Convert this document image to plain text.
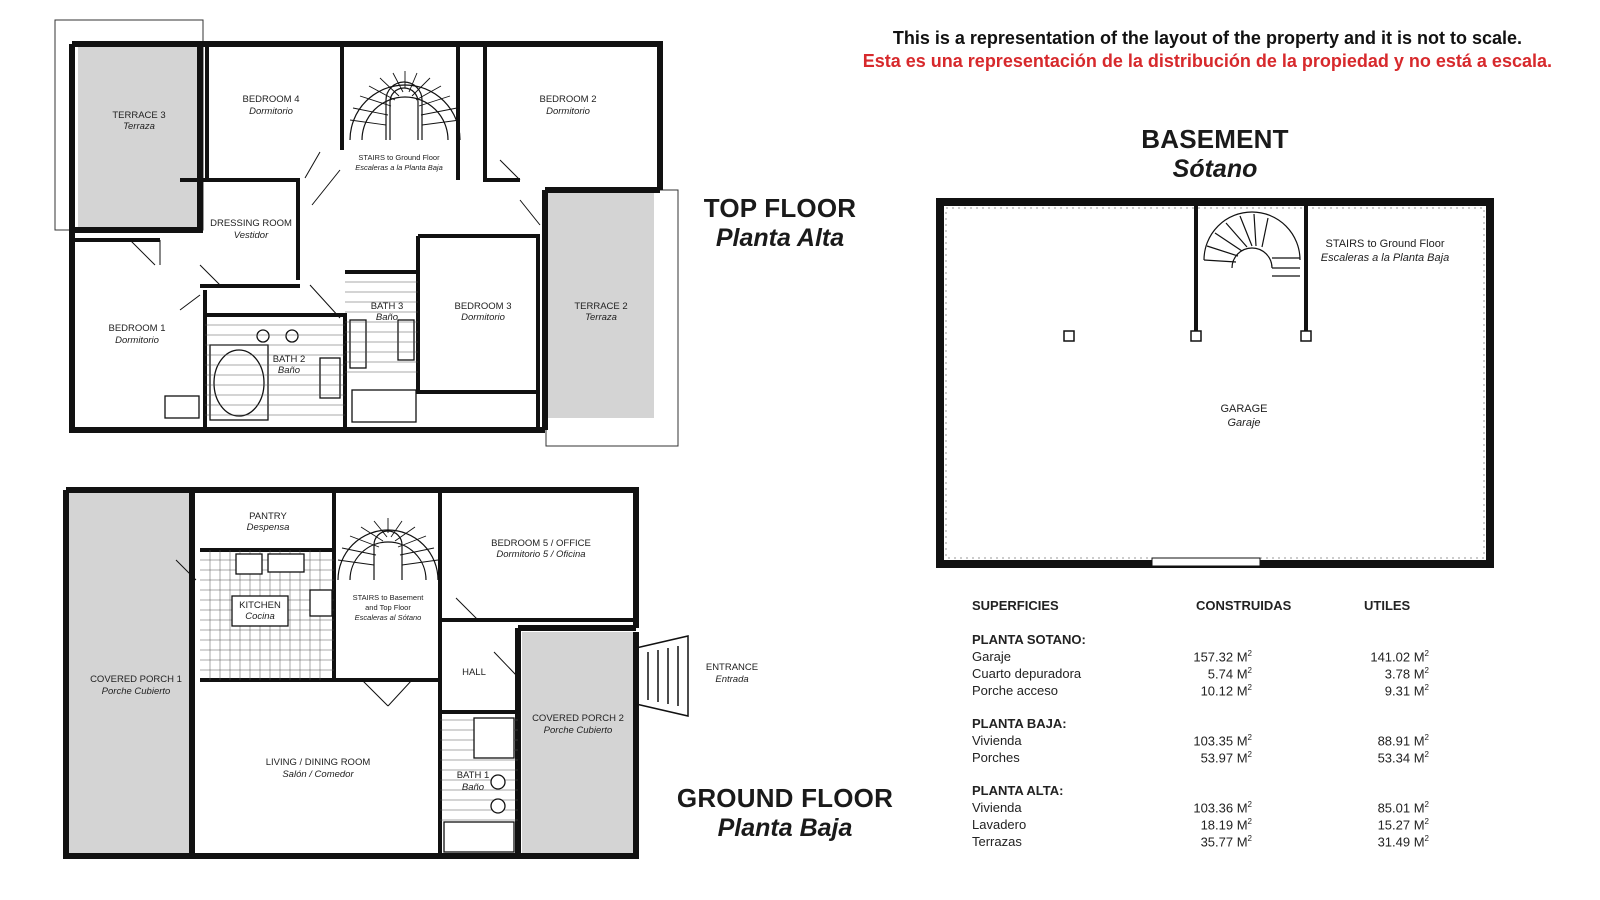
This is a representation of the layout of the property and it is not to scale.
Esta es una representación de la distribución de la propiedad y no está a escala.
TOP FLOOR
Planta Alta
GROUND FLOOR
Planta Baja
BASEMENT
Sótano
TERRACE 3
Terraza
BEDROOM 4
Dormitorio
STAIRS to Ground Floor
Escaleras a la Planta Baja
BEDROOM 2
Dormitorio
DRESSING ROOM
Vestidor
BEDROOM 1
Dormitorio
BATH 2
Baño
BATH 3
Baño
BEDROOM 3
Dormitorio
TERRACE 2
Terraza
PANTRY
Despensa
KITCHEN
Cocina
STAIRS to Basement
and Top Floor
Escaleras al Sótano
BEDROOM 5 / OFFICE
Dormitorio 5 / Oficina
COVERED PORCH 1
Porche Cubierto
HALL	ENTRANCE
Entrada
COVERED PORCH 2
Porche Cubierto
LIVING / DINING ROOM
Salón / Comedor	BATH 1
Baño
STAIRS to Ground Floor
Escaleras a la Planta Baja
GARAGE
Garaje
SUPERFICIES	CONSTRUIDAS	UTILES
PLANTA SOTANO:
Garaje	157.32 $M^2$	141.02 $M^2$
Cuarto depuradora	5.74 $M^2$	3.78 $M^2$
Porche acceso	10.12 $M^2$	9.31 $M^2$
PLANTA BAJA:
Vivienda	103.35 $M^2$	88.91 $M^2$
Porches	53.97 $M^2$	53.34 $M^2$
PLANTA ALTA:
Vivienda	103.36 $M^2$	85.01 $M^2$
Lavadero	18.19 $M^2$	15.27 $M^2$
Terrazas	35.77 $M^2$	31.49 $M^2$
